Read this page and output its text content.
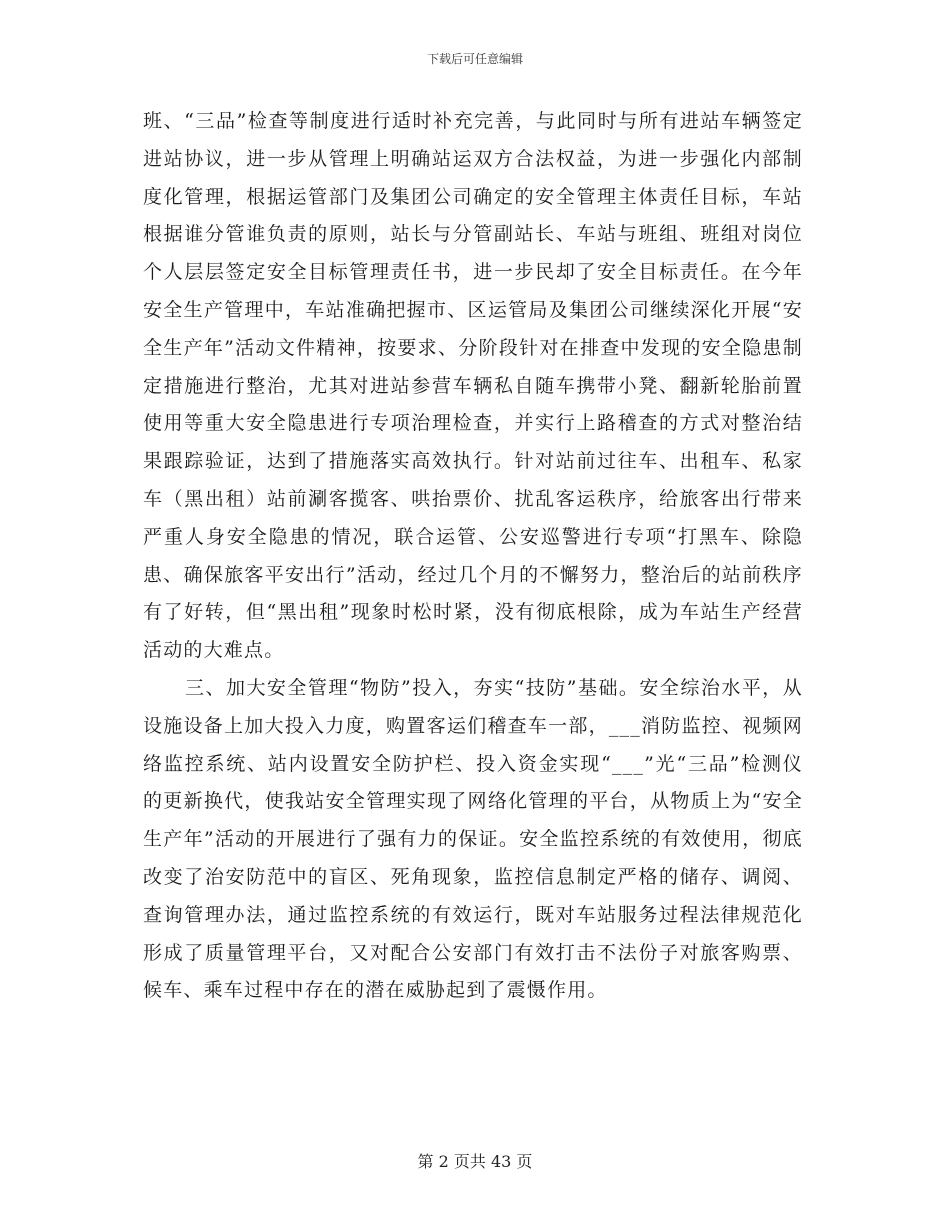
下载后可任意编辑

班、“三品”检查等制度进行适时补充完善，与此同时与所有进站车辆签定进站协议，进一步从管理上明确站运双方合法权益，为进一步强化内部制度化管理，根据运管部门及集团公司确定的安全管理主体责任目标，车站根据谁分管谁负责的原则，站长与分管副站长、车站与班组、班组对岗位个人层层签定安全目标管理责任书，进一步民却了安全目标责任。在今年安全生产管理中，车站准确把握市、区运管局及集团公司继续深化开展“安全生产年”活动文件精神，按要求、分阶段针对在排查中发现的安全隐患制定措施进行整治，尤其对进站参营车辆私自随车携带小凳、翻新轮胎前置使用等重大安全隐患进行专项治理检查，并实行上路稽查的方式对整治结果跟踪验证，达到了措施落实高效执行。针对站前过往车、出租车、私家车（黑出租）站前涮客揽客、哄抬票价、扰乱客运秩序，给旅客出行带来严重人身安全隐患的情况，联合运管、公安巡警进行专项“打黑车、除隐患、确保旅客平安出行”活动，经过几个月的不懈努力，整治后的站前秩序有了好转，但“黑出租”现象时松时紧，没有彻底根除，成为车站生产经营活动的大难点。

三、加大安全管理“物防”投入，夯实“技防”基础。安全综治水平，从设施设备上加大投入力度，购置客运们稽查车一部，___消防监控、视频网络监控系统、站内设置安全防护栏、投入资金实现“___”光“三品”检测仪的更新换代，使我站安全管理实现了网络化管理的平台，从物质上为“安全生产年”活动的开展进行了强有力的保证。安全监控系统的有效使用，彻底改变了治安防范中的盲区、死角现象，监控信息制定严格的储存、调阅、查询管理办法，通过监控系统的有效运行，既对车站服务过程法律规范化形成了质量管理平台，又对配合公安部门有效打击不法份子对旅客购票、候车、乘车过程中存在的潜在威胁起到了震慑作用。

第 2 页共 43 页
